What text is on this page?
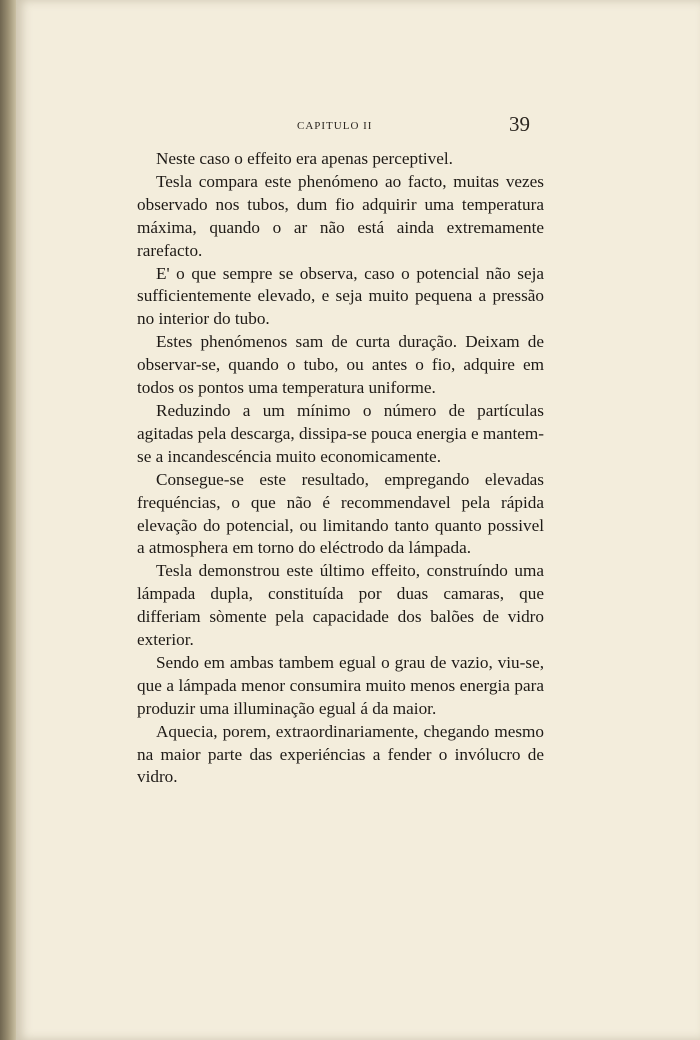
CAPITULO II	39

Neste caso o effeito era apenas perceptivel.

Tesla compara este phenómeno ao facto, muitas vezes observado nos tubos, dum fio adquirir uma temperatura máxima, quando o ar não está ainda extremamente rarefacto.

E' o que sempre se observa, caso o potencial não seja sufficientemente elevado, e seja muito pequena a pressão no interior do tubo.

Estes phenómenos sam de curta duração. Deixam de observar-se, quando o tubo, ou antes o fio, adquire em todos os pontos uma temperatura uniforme.

Reduzindo a um mínimo o número de partículas agitadas pela descarga, dissipa-se pouca energia e mantem-se a incandescéncia muito economicamente.

Consegue-se este resultado, empregando elevadas frequéncias, o que não é recommendavel pela rápida elevação do potencial, ou limitando tanto quanto possivel a atmosphera em torno do eléctrodo da lámpada.

Tesla demonstrou este último effeito, construíndo uma lámpada dupla, constituída por duas camaras, que differiam sòmente pela capacidade dos balões de vidro exterior.

Sendo em ambas tambem egual o grau de vazio, viu-se, que a lámpada menor consumira muito menos energia para produzir uma illuminação egual á da maior.

Aquecia, porem, extraordinariamente, chegando mesmo na maior parte das experiéncias a fender o invólucro de vidro.
